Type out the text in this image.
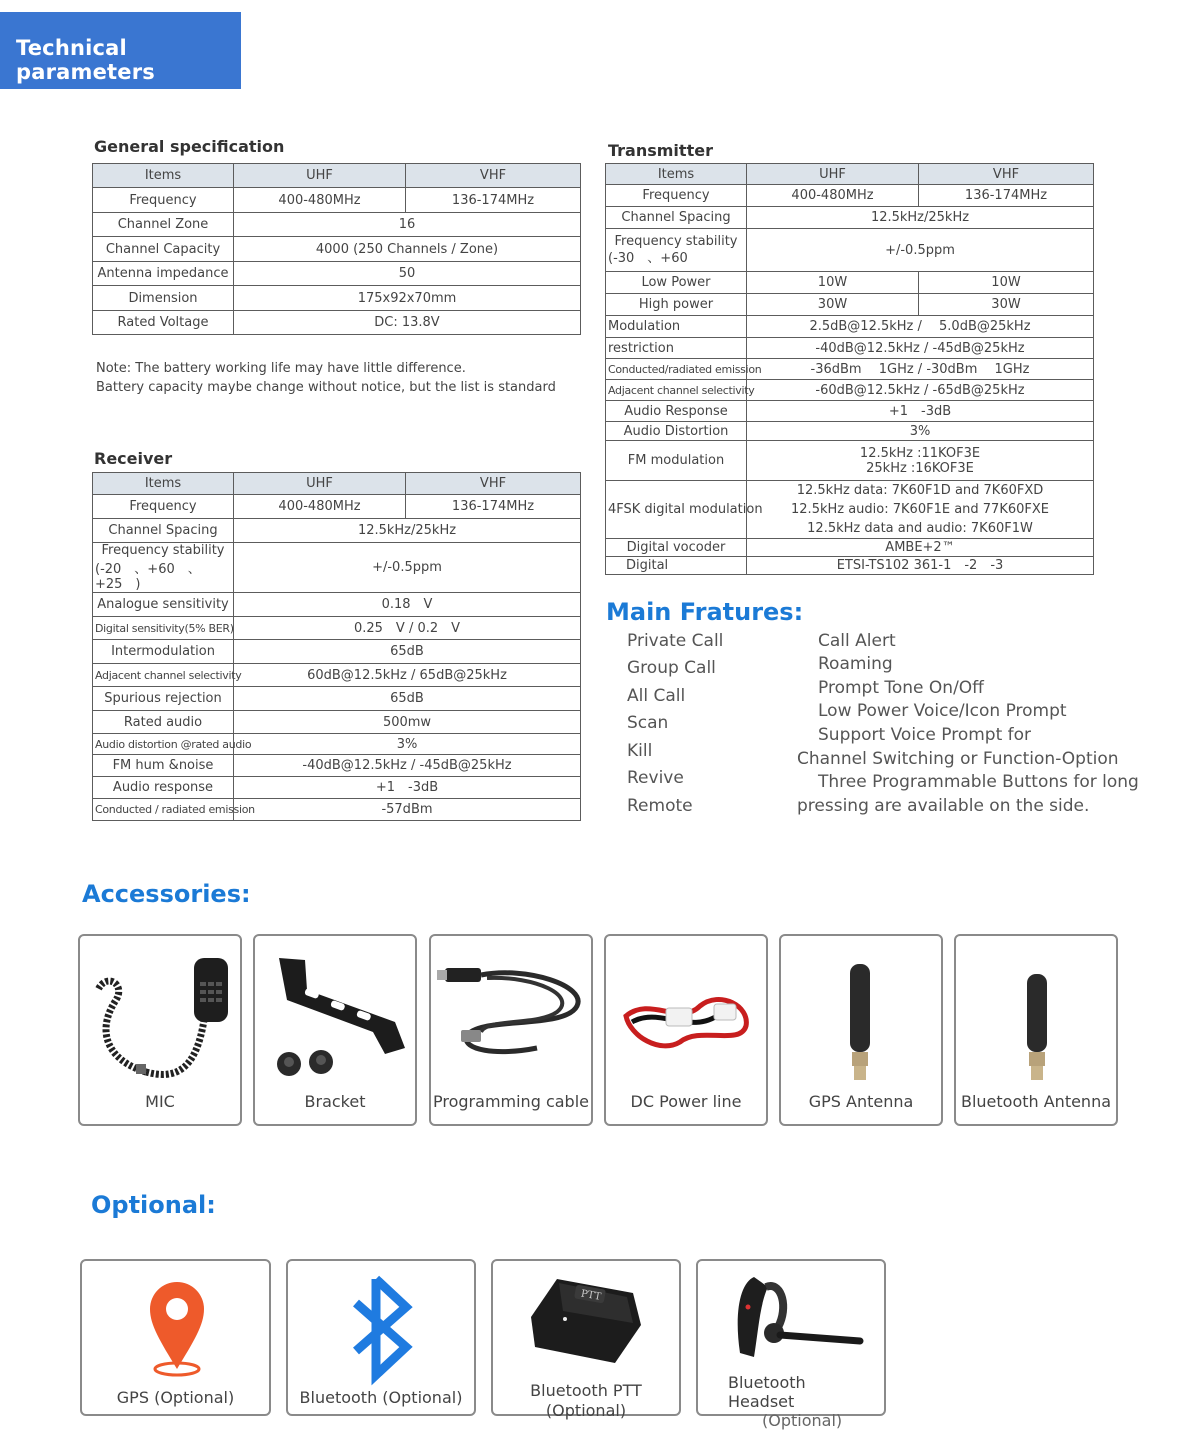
Technical parameters
General specification
Items	UHF	VHF
Frequency	400-480MHz	136-174MHz
Channel Zone	16	
Channel Capacity	4000 (250 Channels / Zone)	
Antenna impedance	50	
Dimension	175x92x70mm	
Rated Voltage	DC: 13.8V	
Note: The battery working life may have little difference.
Battery capacity maybe change without notice, but the list is standard
Receiver
Items	UHF	VHF
Frequency	400-480MHz	136-174MHz
Channel Spacing	12.5kHz/25kHz	

Frequency stability
(-20　、+60　、+25　)	+/-0.5ppm	
Analogue sensitivity	0.18　V	
Digital sensitivity(5% BER)	0.25　V / 0.2　V	
Intermodulation	65dB	
Adjacent channel selectivity	60dB@12.5kHz / 65dB@25kHz	
Spurious rejection	65dB	
Rated audio	500mw	
Audio distortion @rated audio	3%	
FM hum &noise	-40dB@12.5kHz / -45dB@25kHz	
Audio response	+1　-3dB	
Conducted / radiated emission	-57dBm	
Transmitter
Items	UHF	VHF
Frequency	400-480MHz	136-174MHz
Channel Spacing	12.5kHz/25kHz	

Frequency stability
(-30　、+60	+/-0.5ppm	
Low Power	10W	10W
High power	30W	30W
Modulation	2.5dB@12.5kHz /　 5.0dB@25kHz	
restriction	-40dB@12.5kHz / -45dB@25kHz	
Conducted/radiated emission	-36dBm　 1GHz / -30dBm　 1GHz	
Adjacent channel selectivity	-60dB@12.5kHz / -65dB@25kHz	
Audio Response	+1　-3dB	
Audio Distortion	3%	
FM modulation	12.5kHz :11KOF3E
25kHz :16KOF3E	

4FSK digital modulation	12.5kHz data: 7K60F1D and 7K60FXD
12.5kHz audio: 7K60F1E and 77K60FXE
12.5kHz data and audio: 7K60F1W	

Digital vocoder	AMBE+2™	
Digital	ETSI-TS102 361-1　-2　-3	
Main Fratures:
Private Call
Group Call
All Call
Scan
Kill
Revive
Remote
Call Alert
Roaming
Prompt Tone On/Off
Low Power Voice/Icon Prompt
Support Voice Prompt for
Channel Switching or Function-Option
Three Programmable Buttons for long
pressing are available on the side.
Accessories:
MIC	Bracket	Programming cable	DC Power line	GPS Antenna	Bluetooth Antenna
Optional:
GPS (Optional)	Bluetooth (Optional)
PTT
Bluetooth PTT
(Optional)
Bluetooth
Headset
(Optional)
